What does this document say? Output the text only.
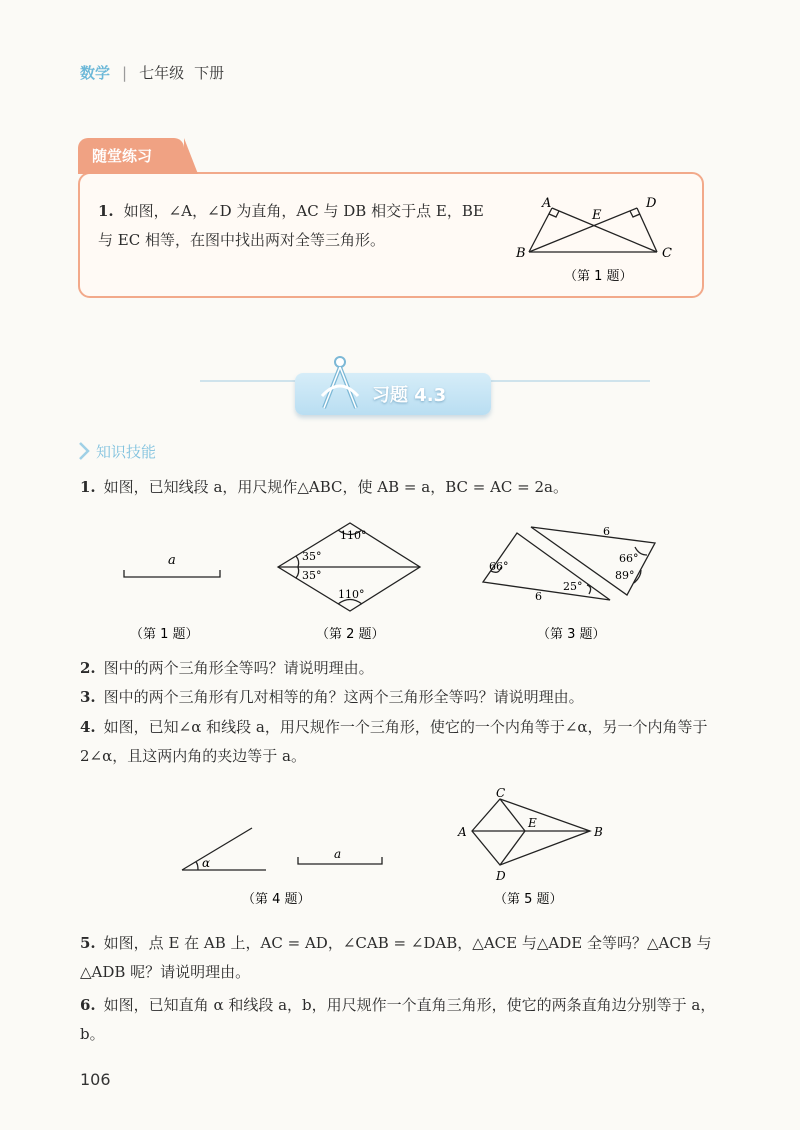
数学 | 七年级 下册
随堂练习
1. 如图，∠A，∠D 为直角，AC 与 DB 相交于点 E，BE 与 EC 相等，在图中找出两对全等三角形。
A	D
E
B	C
（第 1 题）
习题 4.3
知识技能
1. 如图，已知线段 a，用尺规作△ABC，使 AB = a，BC = AC = 2a。
a
（第 1 题）
110°
35°
35°
110°
（第 2 题）
6
6
66°
66°
89°
25°
（第 3 题）
2. 图中的两个三角形全等吗？请说明理由。
3. 图中的两个三角形有几对相等的角？这两个三角形全等吗？请说明理由。
4. 如图，已知∠α 和线段 a，用尺规作一个三角形，使它的一个内角等于∠α，另一个内角等于 2∠α，且这两内角的夹边等于 a。
α
a
（第 4 题）
A	B
C
D
E
（第 5 题）
5. 如图，点 E 在 AB 上，AC = AD，∠CAB = ∠DAB，△ACE 与△ADE 全等吗？△ACB 与△ADB 呢？请说明理由。
6. 如图，已知直角 α 和线段 a，b，用尺规作一个直角三角形，使它的两条直角边分别等于 a，b。
106
